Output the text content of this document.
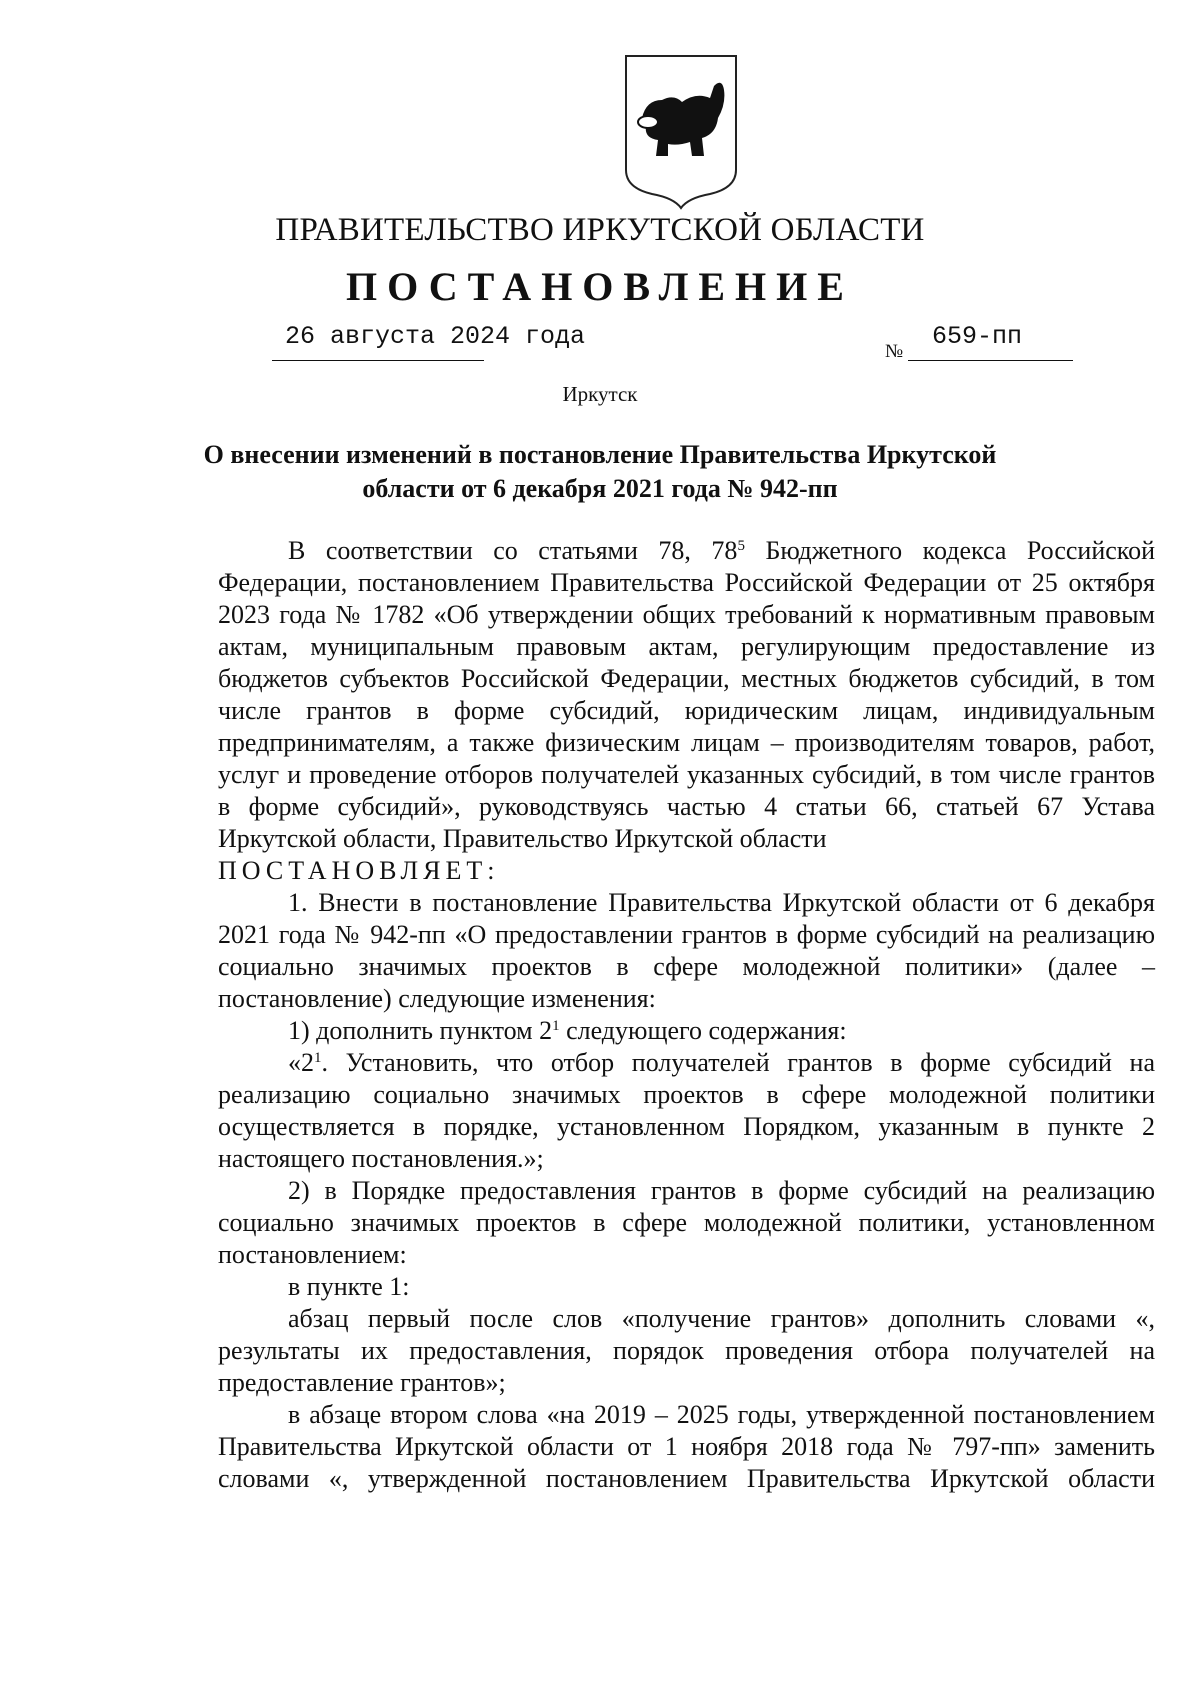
ПРАВИТЕЛЬСТВО ИРКУТСКОЙ ОБЛАСТИ
ПОСТАНОВЛЕНИЕ
26 августа 2024 года
№
659-пп
Иркутск
О внесении изменений в постановление Правительства Иркутской
области от 6 декабря 2021 года № 942-пп

В соответствии со статьями 78, $78^5$ Бюджетного кодекса Российской Федерации, постановлением Правительства Российской Федерации от 25 октября 2023 года № 1782 «Об утверждении общих требований к нормативным правовым актам, муниципальным правовым актам, регулирующим предоставление из бюджетов субъектов Российской Федерации, местных бюджетов субсидий, в том числе грантов в форме субсидий, юридическим лицам, индивидуальным предпринимателям, а также физическим лицам – производителям товаров, работ, услуг и проведение отборов получателей указанных субсидий, в том числе грантов в форме субсидий», руководствуясь частью 4 статьи 66, статьей 67 Устава Иркутской области, Правительство Иркутской области

ПОСТАНОВЛЯЕТ:

1. Внести в постановление Правительства Иркутской области от 6 декабря 2021 года № 942-пп «О предоставлении грантов в форме субсидий на реализацию социально значимых проектов в сфере молодежной политики» (далее – постановление) следующие изменения:

1) дополнить пунктом $2^1$ следующего содержания:

«$2^1$. Установить, что отбор получателей грантов в форме субсидий на реализацию социально значимых проектов в сфере молодежной политики осуществляется в порядке, установленном Порядком, указанным в пункте 2 настоящего постановления.»;

2) в Порядке предоставления грантов в форме субсидий на реализацию социально значимых проектов в сфере молодежной политики, установленном постановлением:

в пункте 1:

абзац первый после слов «получение грантов» дополнить словами «, результаты их предоставления, порядок проведения отбора получателей на предоставление грантов»;

в абзаце втором слова «на 2019 – 2025 годы, утвержденной постановлением Правительства Иркутской области от 1 ноября 2018 года № 797-пп» заменить словами «, утвержденной постановлением Правительства Иркутской области
